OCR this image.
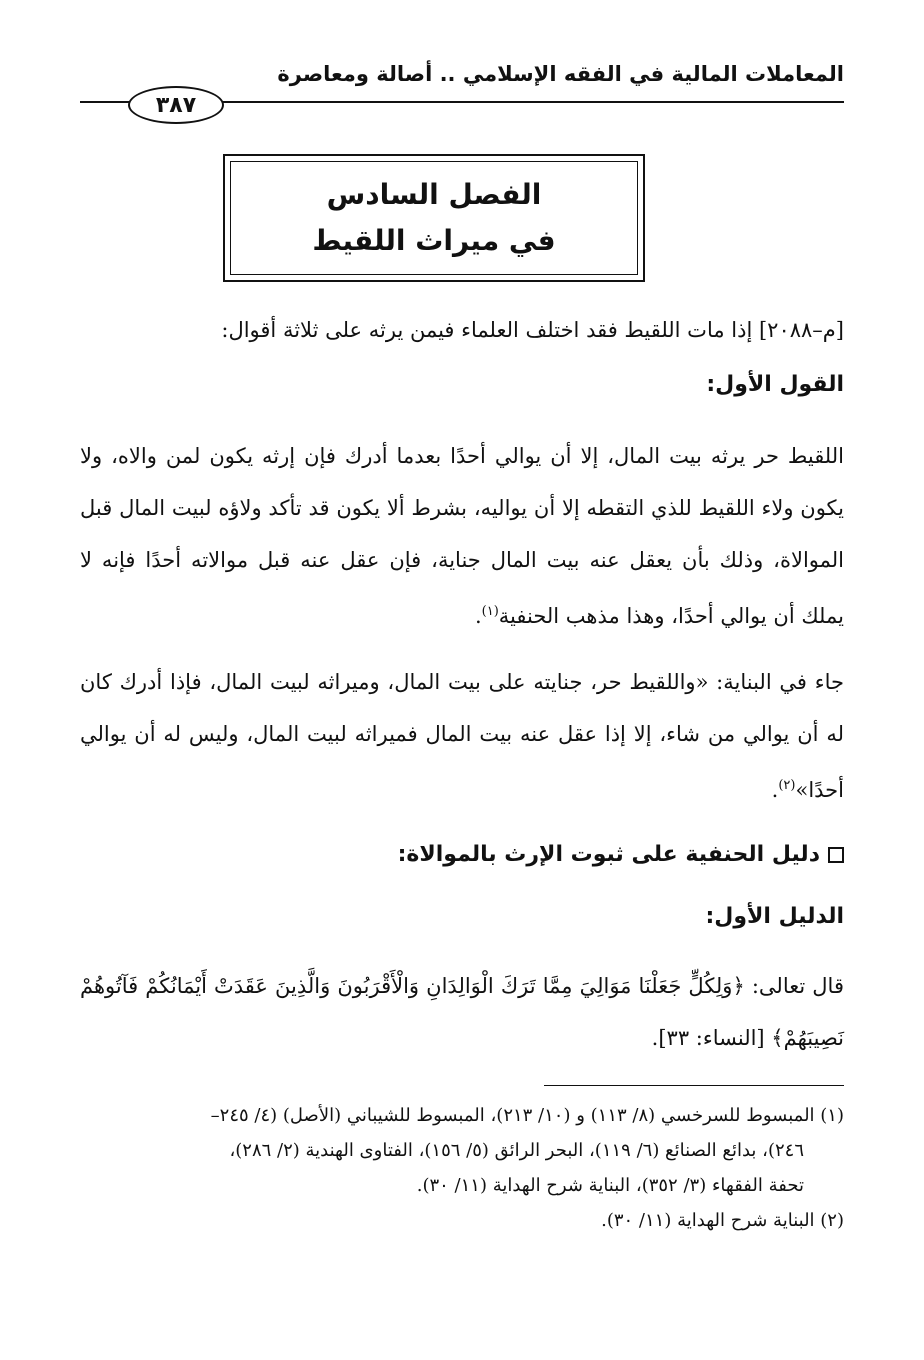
المعاملات المالية في الفقه الإسلامي .. أصالة ومعاصرة
٣٨٧
الفصل السادس
في ميراث اللقيط

[م–٢٠٨٨] إذا مات اللقيط فقد اختلف العلماء فيمن يرثه على ثلاثة أقوال:

القول الأول:

اللقيط حر يرثه بيت المال، إلا أن يوالي أحدًا بعدما أدرك فإن إرثه يكون لمن والاه، ولا يكون ولاء اللقيط للذي التقطه إلا أن يواليه، بشرط ألا يكون قد تأكد ولاؤه لبيت المال قبل الموالاة، وذلك بأن يعقل عنه بيت المال جناية، فإن عقل عنه قبل موالاته أحدًا فإنه لا يملك أن يوالي أحدًا، وهذا مذهب الحنفية$^{(١)}$.

جاء في البناية: «واللقيط حر، جنايته على بيت المال، وميراثه لبيت المال، فإذا أدرك كان له أن يوالي من شاء، إلا إذا عقل عنه بيت المال فميراثه لبيت المال، وليس له أن يوالي أحدًا»$^{(٢)}$.

دليل الحنفية على ثبوت الإرث بالموالاة:
الدليل الأول:

قال تعالى: ﴿وَلِكُلٍّ جَعَلْنَا مَوَالِيَ مِمَّا تَرَكَ الْوَالِدَانِ وَالْأَقْرَبُونَ وَالَّذِينَ عَقَدَتْ أَيْمَانُكُمْ فَآتُوهُمْ نَصِيبَهُمْ﴾ [النساء: ٣٣].

(١) المبسوط للسرخسي (٨/ ١١٣) و (١٠/ ٢١٣)، المبسوط للشيباني (الأصل) (٤/ ٢٤٥–

٢٤٦)، بدائع الصنائع (٦/ ١١٩)، البحر الرائق (٥/ ١٥٦)، الفتاوى الهندية (٢/ ٢٨٦)،

تحفة الفقهاء (٣/ ٣٥٢)، البناية شرح الهداية (١١/ ٣٠).

(٢) البناية شرح الهداية (١١/ ٣٠).
